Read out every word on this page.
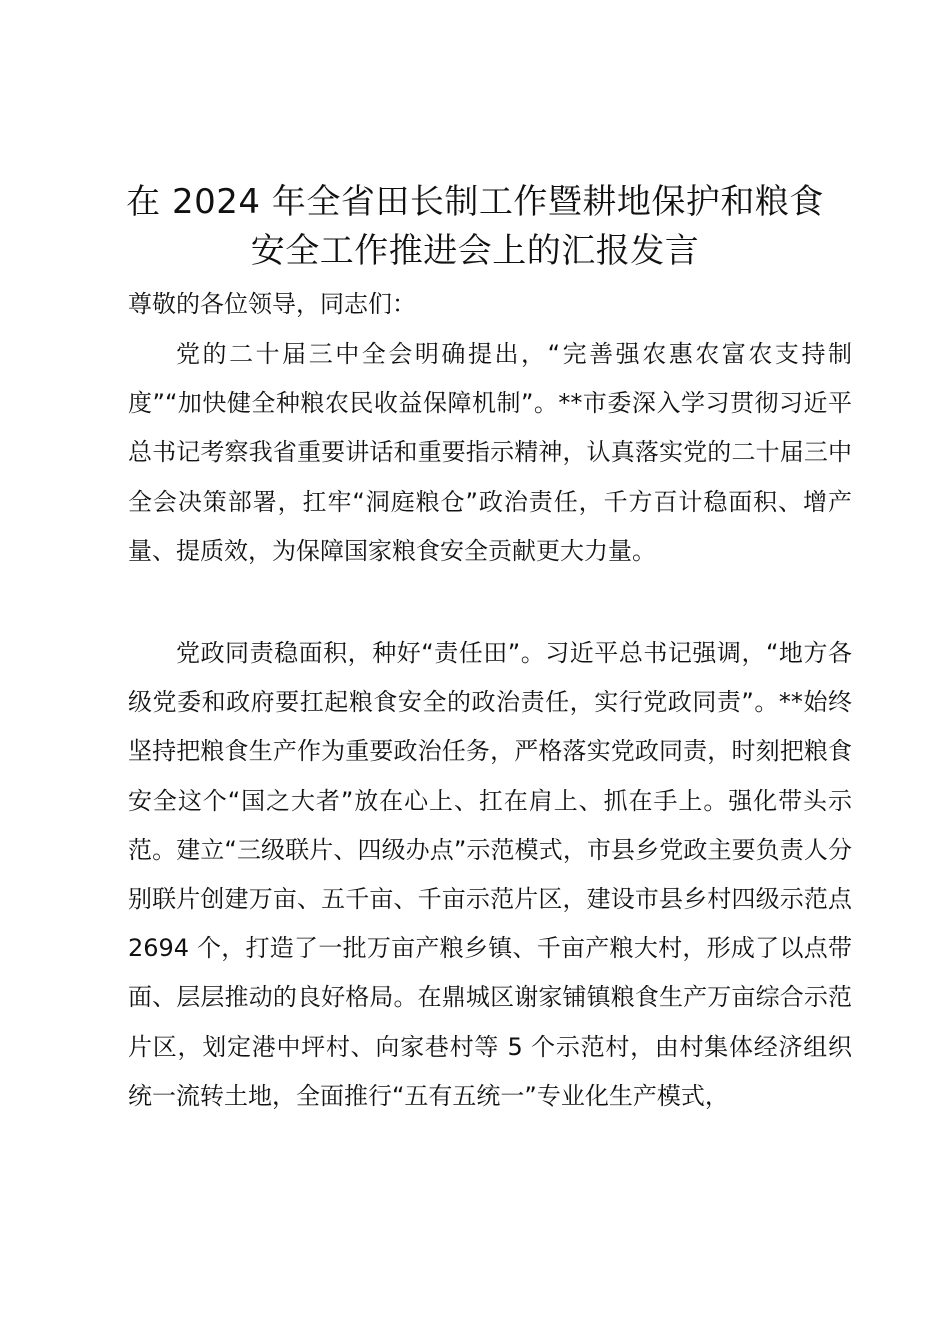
在 2024 年全省田长制工作暨耕地保护和粮食
安全工作推进会上的汇报发言
尊敬的各位领导，同志们：

党的二十届三中全会明确提出，“完善强农惠农富农支持制度”“加快健全种粮农民收益保障机制”。**市委深入学习贯彻习近平总书记考察我省重要讲话和重要指示精神，认真落实党的二十届三中全会决策部署，扛牢“洞庭粮仓”政治责任，千方百计稳面积、增产量、提质效，为保障国家粮食安全贡献更大力量。

党政同责稳面积，种好“责任田”。习近平总书记强调，“地方各级党委和政府要扛起粮食安全的政治责任，实行党政同责”。**始终坚持把粮食生产作为重要政治任务，严格落实党政同责，时刻把粮食安全这个“国之大者”放在心上、扛在肩上、抓在手上。强化带头示范。建立“三级联片、四级办点”示范模式，市县乡党政主要负责人分别联片创建万亩、五千亩、千亩示范片区，建设市县乡村四级示范点 2694 个，打造了一批万亩产粮乡镇、千亩产粮大村，形成了以点带面、层层推动的良好格局。在鼎城区谢家铺镇粮食生产万亩综合示范片区，划定港中坪村、向家巷村等 5 个示范村，由村集体经济组织统一流转土地，全面推行“五有五统一”专业化生产模式，
